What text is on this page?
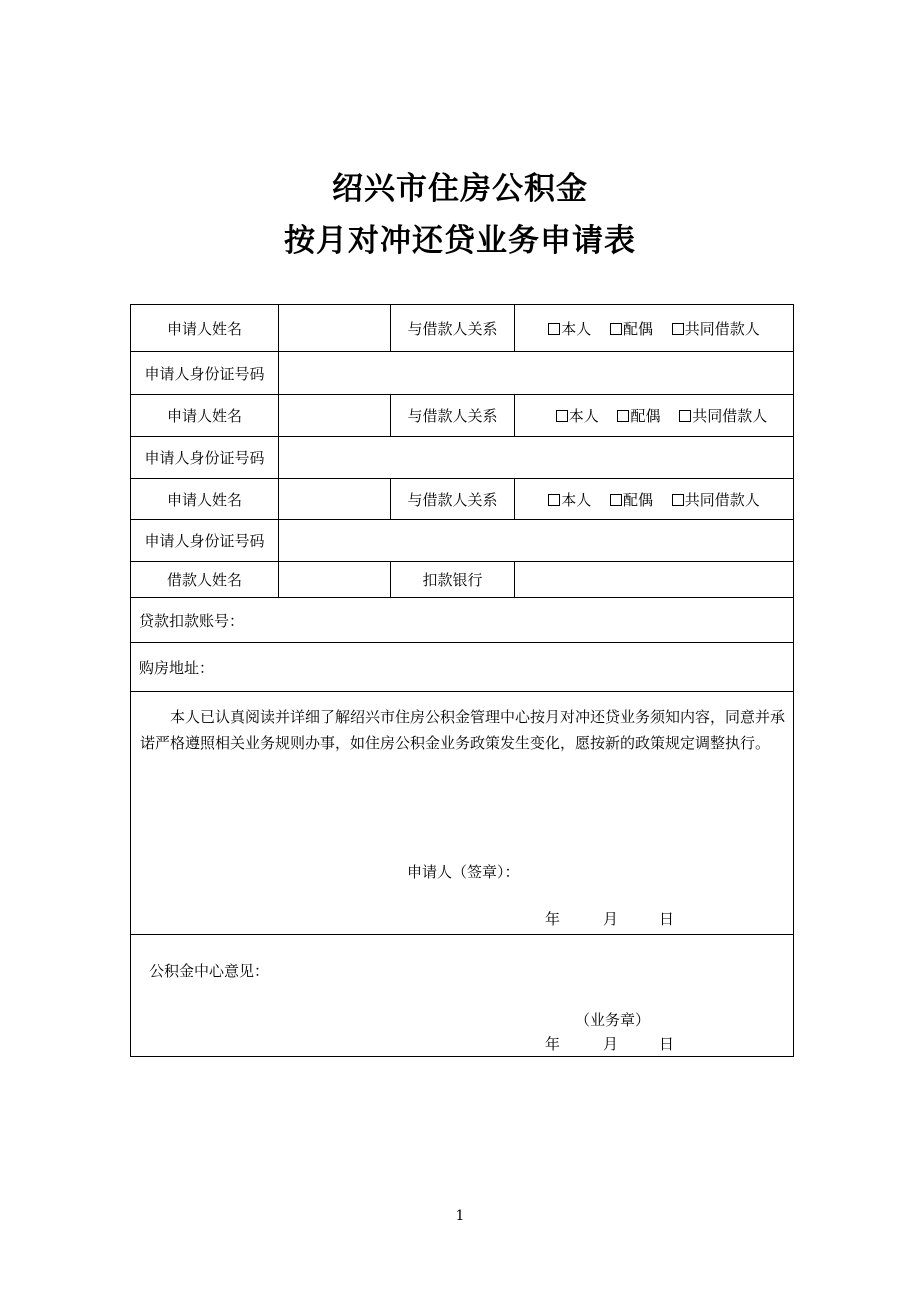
绍兴市住房公积金
按月对冲还贷业务申请表
申请人姓名		与借款人关系	本人 配偶 共同借款人
申请人身份证号码			
申请人姓名		与借款人关系	本人 配偶 共同借款人
申请人身份证号码			
申请人姓名		与借款人关系	本人 配偶 共同借款人
申请人身份证号码			
借款人姓名		扣款银行	
贷款扣款账号：			
购房地址：			

本人已认真阅读并详细了解绍兴市住房公积金管理中心按月对冲还贷业务须知内容，同意并承诺严格遵照相关业务规则办事，如住房公积金业务政策发生变化，愿按新的政策规定调整执行。
申请人（签章）：
年 月 日			

公积金中心意见：
（业务章）
年 月 日			
1
